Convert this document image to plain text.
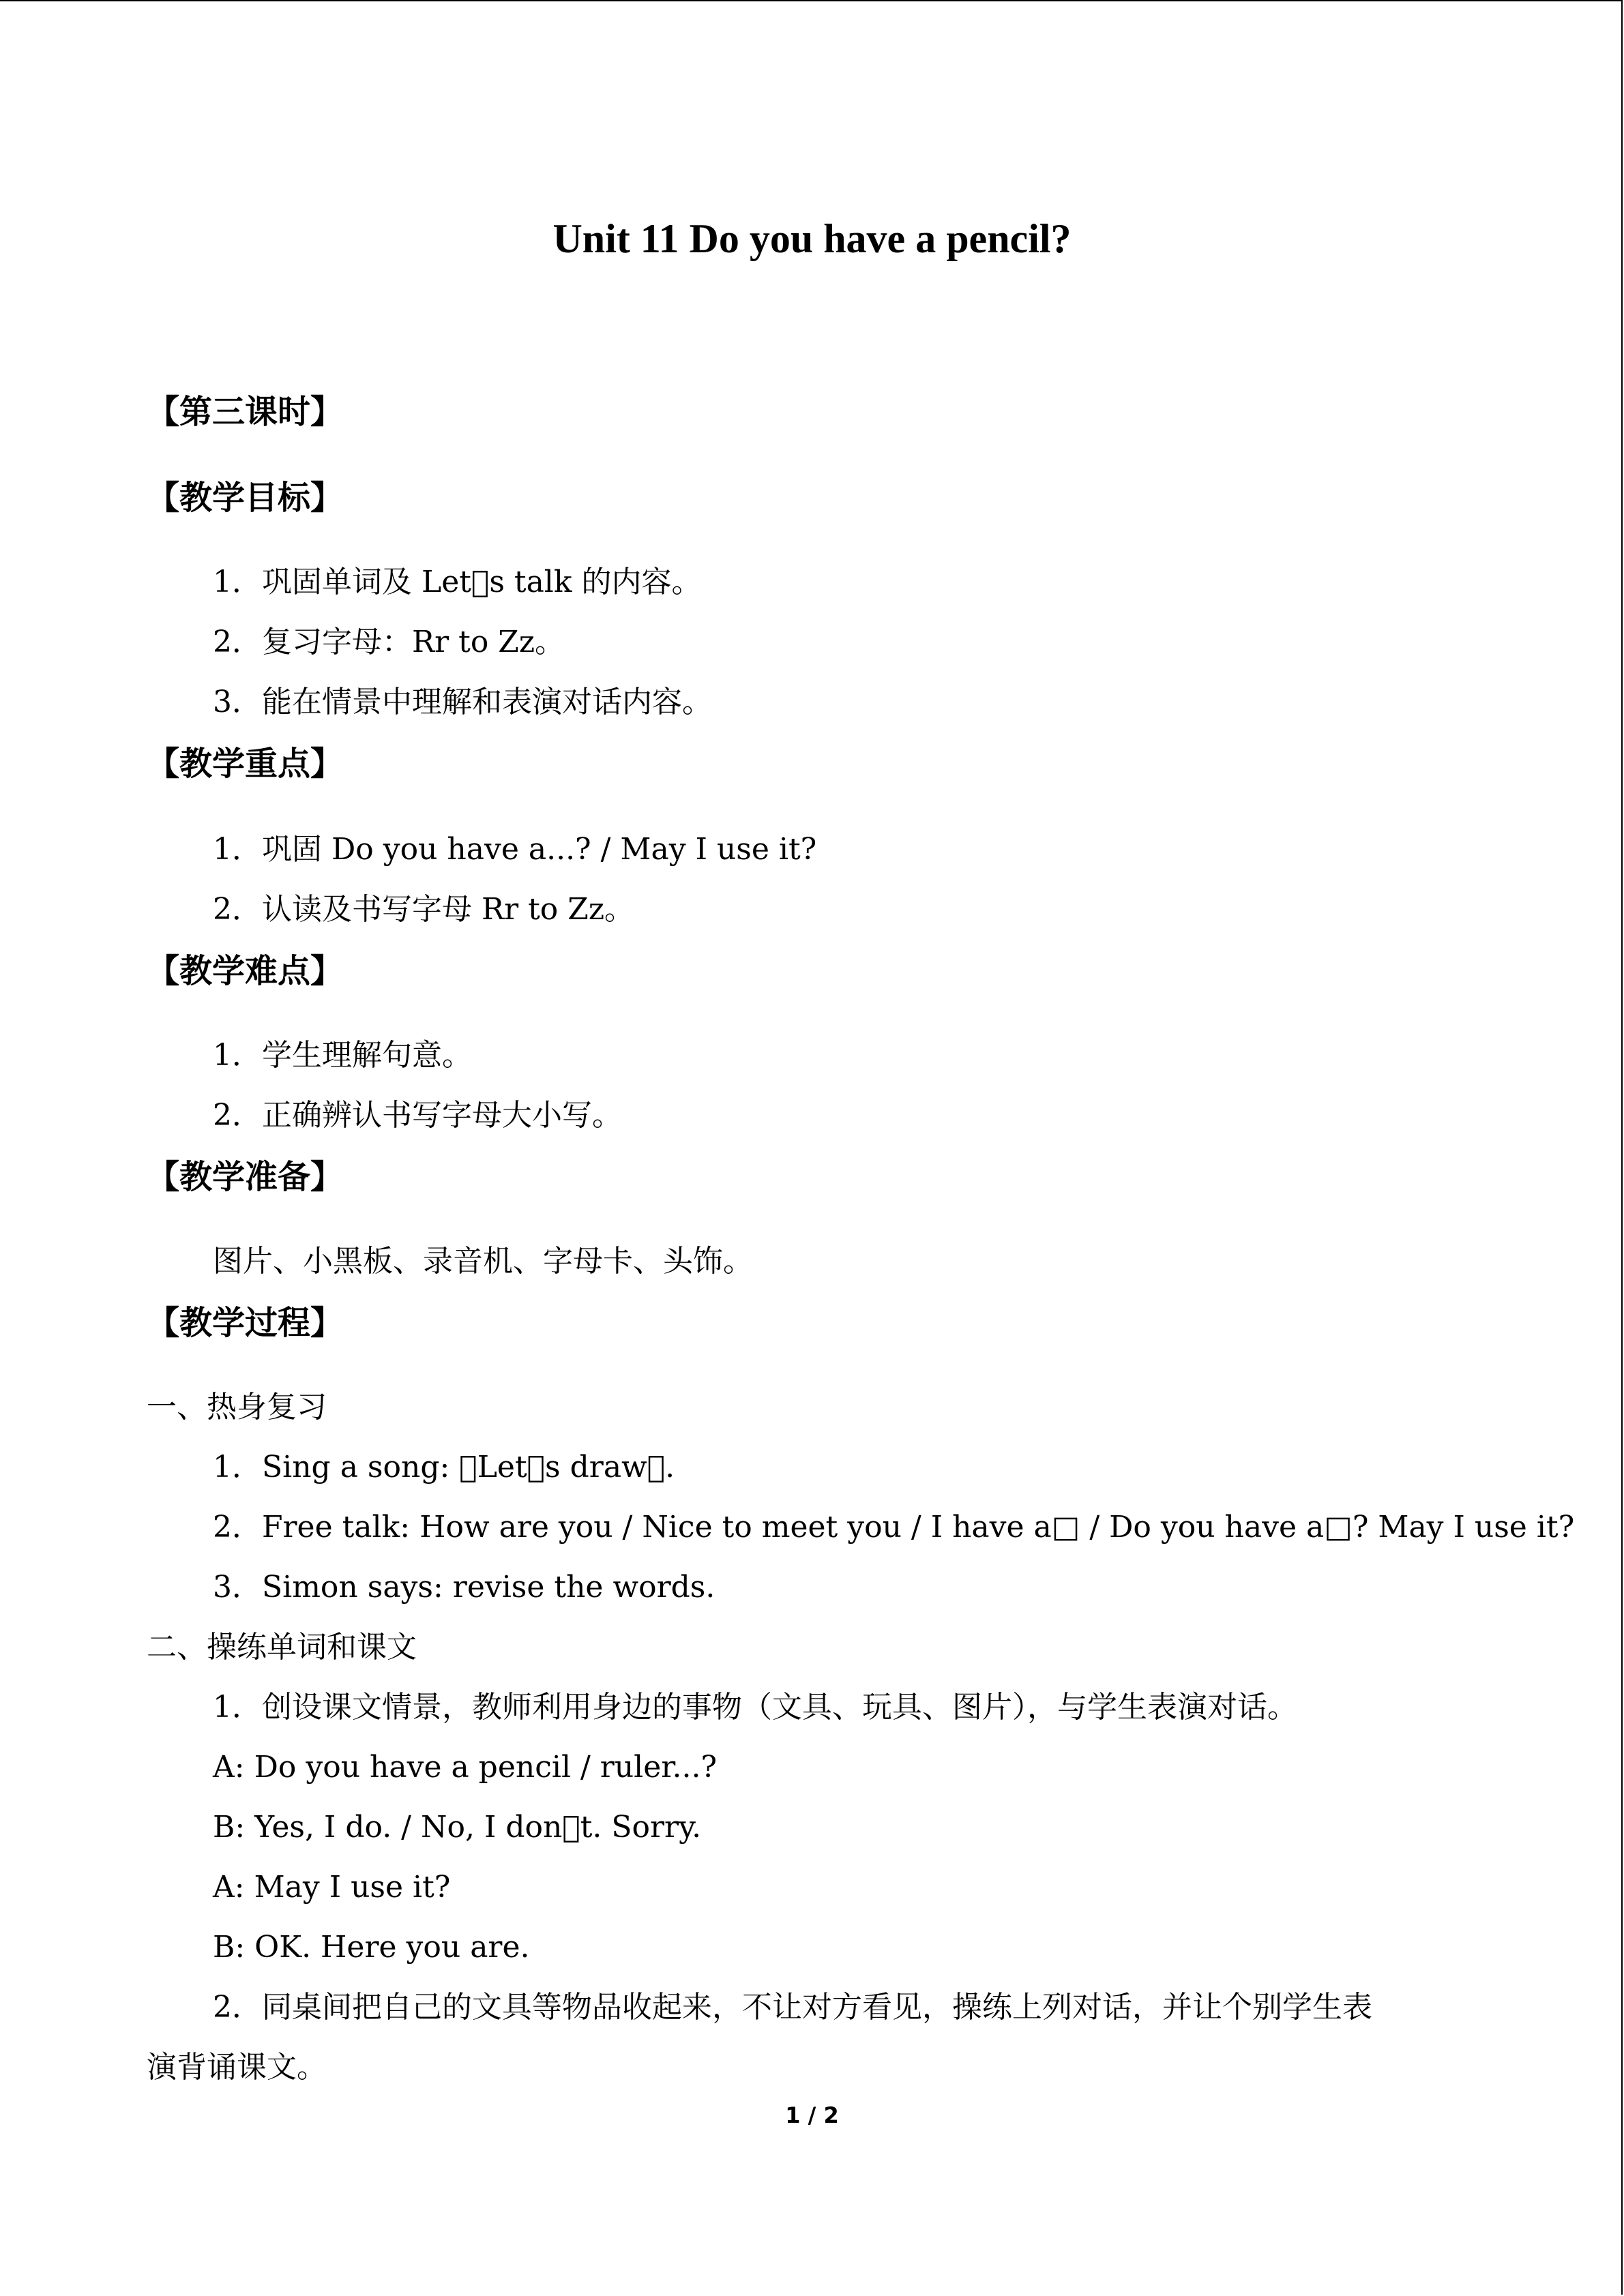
Unit 11 Do you have a pencil?
【第三课时】
【教学目标】
1．巩固单词及 Let s talk 的内容。
2．复习字母：Rr to Zz。
3．能在情景中理解和表演对话内容。
【教学重点】
1．巩固 Do you have a...? / May I use it?
2．认读及书写字母 Rr to Zz。
【教学难点】
1．学生理解句意。
2．正确辨认书写字母大小写。
【教学准备】
图片、小黑板、录音机、字母卡、头饰。
【教学过程】
一、热身复习
1．Sing a song:  Let s draw .
2．Free talk: How are you / Nice to meet you / I have a□ / Do you have a□? May I use it?
3．Simon says: revise the words.
二、操练单词和课文
1．创设课文情景，教师利用身边的事物（文具、玩具、图片），与学生表演对话。
A: Do you have a pencil / ruler...?
B: Yes, I do. / No, I don t. Sorry.
A: May I use it?
B: OK. Here you are.
2．同桌间把自己的文具等物品收起来，不让对方看见，操练上列对话，并让个别学生表
演背诵课文。
1 / 2
